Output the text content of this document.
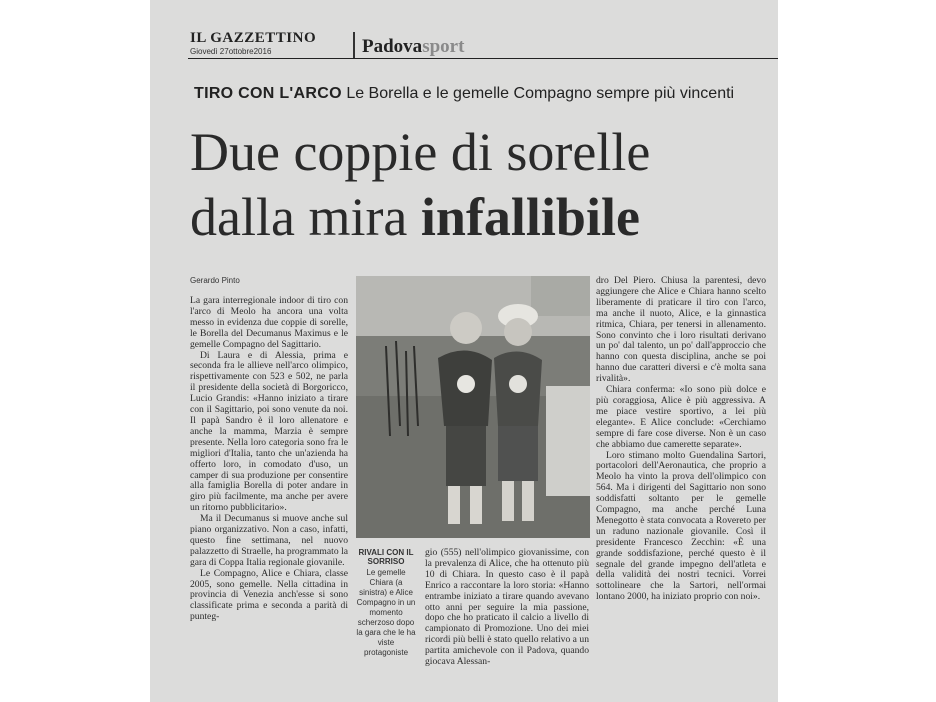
IL GAZZETTINO
Giovedì 27ottobre2016	Padovasport
TIRO CON L'ARCO Le Borella e le gemelle Compagno sempre più vincenti
Due coppie di sorelle
dalla mira infallibile
Gerardo Pinto

La gara interregionale indoor di tiro con l'arco di Meolo ha ancora una volta messo in evidenza due coppie di sorelle, le Borella del Decumanus Maximus e le gemelle Compagno del Sagittario.

Di Laura e di Alessia, prima e seconda fra le allieve nell'arco olimpico, rispettivamente con 523 e 502, ne parla il presidente della società di Borgoricco, Lucio Grandis: «Hanno iniziato a tirare con il Sagittario, poi sono venute da noi. Il papà Sandro è il loro allenatore e anche la mamma, Marzia è sempre presente. Nella loro categoria sono fra le migliori d'Italia, tanto che un'azienda ha offerto loro, in comodato d'uso, un camper di sua produzione per consentire alla famiglia Borella di poter andare in giro più facilmente, ma anche per avere un ritorno pubblicitario».

Ma il Decumanus si muove anche sul piano organizzativo. Non a caso, infatti, questo fine settimana, nel nuovo palazzetto di Straelle, ha programmato la gara di Coppa Italia regionale giovanile.

Le Compagno, Alice e Chiara, classe 2005, sono gemelle. Nella cittadina in provincia di Venezia anch'esse si sono classificate prima e seconda a parità di punteg-

RIVALI CON IL SORRISO
Le gemelle Chiara (a sinistra) e Alice Compagno in un momento scherzoso dopo la gara che le ha viste protagoniste

gio (555) nell'olimpico giovanissime, con la prevalenza di Alice, che ha ottenuto più 10 di Chiara. In questo caso è il papà Enrico a raccontare la loro storia: «Hanno entrambe iniziato a tirare quando avevano otto anni per seguire la mia passione, dopo che ho praticato il calcio a livello di campionato di Promozione. Uno dei miei ricordi più belli è stato quello relativo a un partita amichevole con il Padova, quando giocava Alessan-

dro Del Piero. Chiusa la parentesi, devo aggiungere che Alice e Chiara hanno scelto liberamente di praticare il tiro con l'arco, ma anche il nuoto, Alice, e la ginnastica ritmica, Chiara, per tenersi in allenamento. Sono convinto che i loro risultati derivano un po' dal talento, un po' dall'approccio che hanno con questa disciplina, anche se poi hanno due caratteri diversi e c'è molta sana rivalità».

Chiara conferma: «Io sono più dolce e più coraggiosa, Alice è più aggressiva. A me piace vestire sportivo, a lei più elegante». E Alice conclude: «Cerchiamo sempre di fare cose diverse. Non è un caso che abbiamo due camerette separate».

Loro stimano molto Guendalina Sartori, portacolori dell'Aeronautica, che proprio a Meolo ha vinto la prova dell'olimpico con 564. Ma i dirigenti del Sagittario non sono soddisfatti soltanto per le gemelle Compagno, ma anche perché Luna Menegotto è stata convocata a Rovereto per un raduno nazionale giovanile. Così il presidente Francesco Zecchin: «È una grande soddisfazione, perché questo è il segnale del grande impegno dell'atleta e della validità dei nostri tecnici. Vorrei sottolineare che la Sartori, nell'ormai lontano 2000, ha iniziato proprio con noi».
